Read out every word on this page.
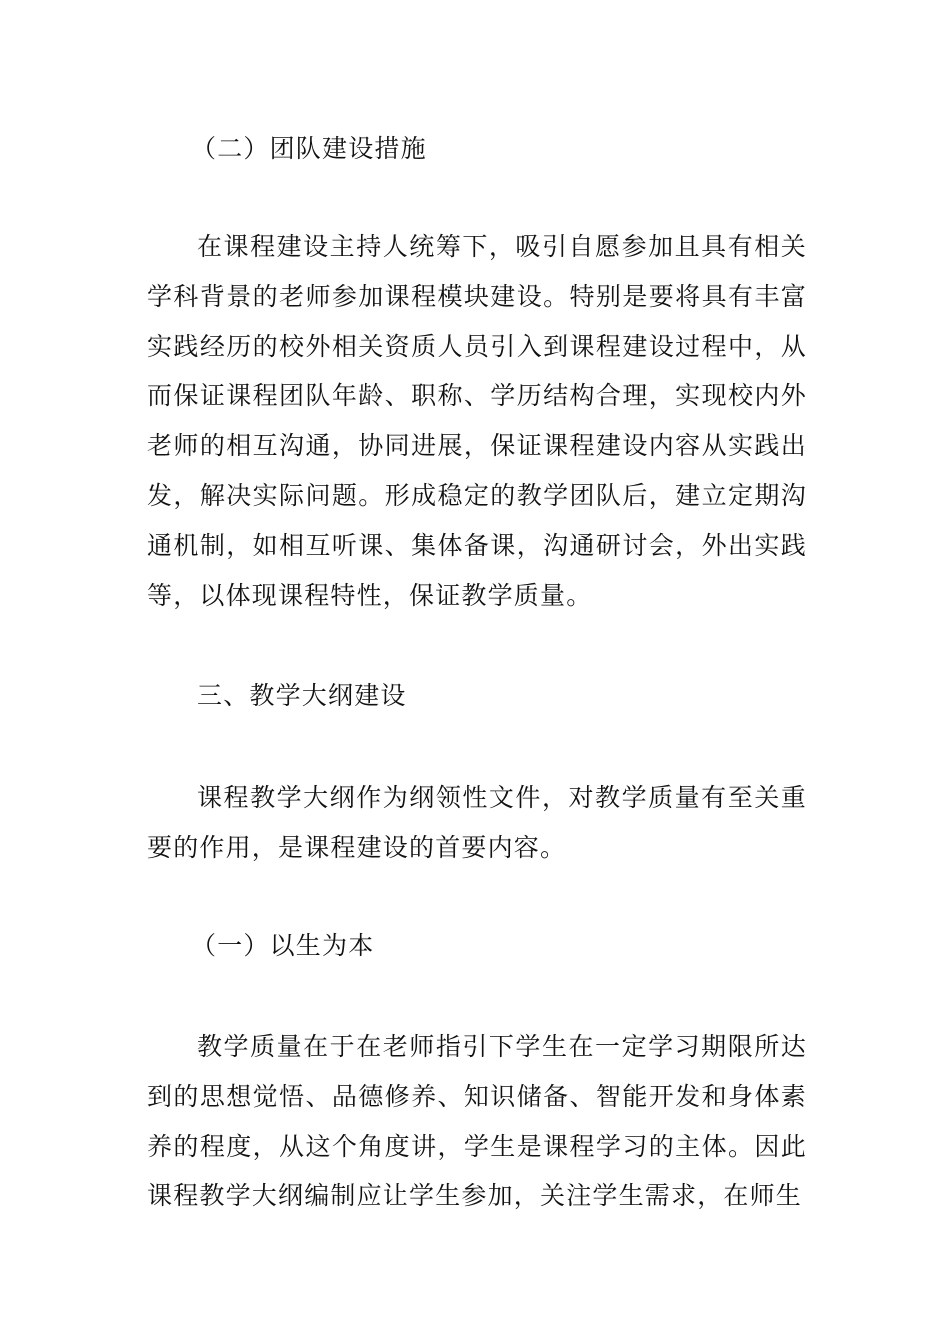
（二）团队建设措施

在课程建设主持人统筹下，吸引自愿参加且具有相关学科背景的老师参加课程模块建设。特别是要将具有丰富实践经历的校外相关资质人员引入到课程建设过程中，从而保证课程团队年龄、职称、学历结构合理，实现校内外老师的相互沟通，协同进展，保证课程建设内容从实践出发，解决实际问题。形成稳定的教学团队后，建立定期沟通机制，如相互听课、集体备课，沟通研讨会，外出实践等，以体现课程特性，保证教学质量。

三、教学大纲建设

课程教学大纲作为纲领性文件，对教学质量有至关重要的作用，是课程建设的首要内容。

（一）以生为本

教学质量在于在老师指引下学生在一定学习期限所达到的思想觉悟、品德修养、知识储备、智能开发和身体素养的程度，从这个角度讲，学生是课程学习的主体。因此课程教学大纲编制应让学生参加，关注学生需求，在师生
